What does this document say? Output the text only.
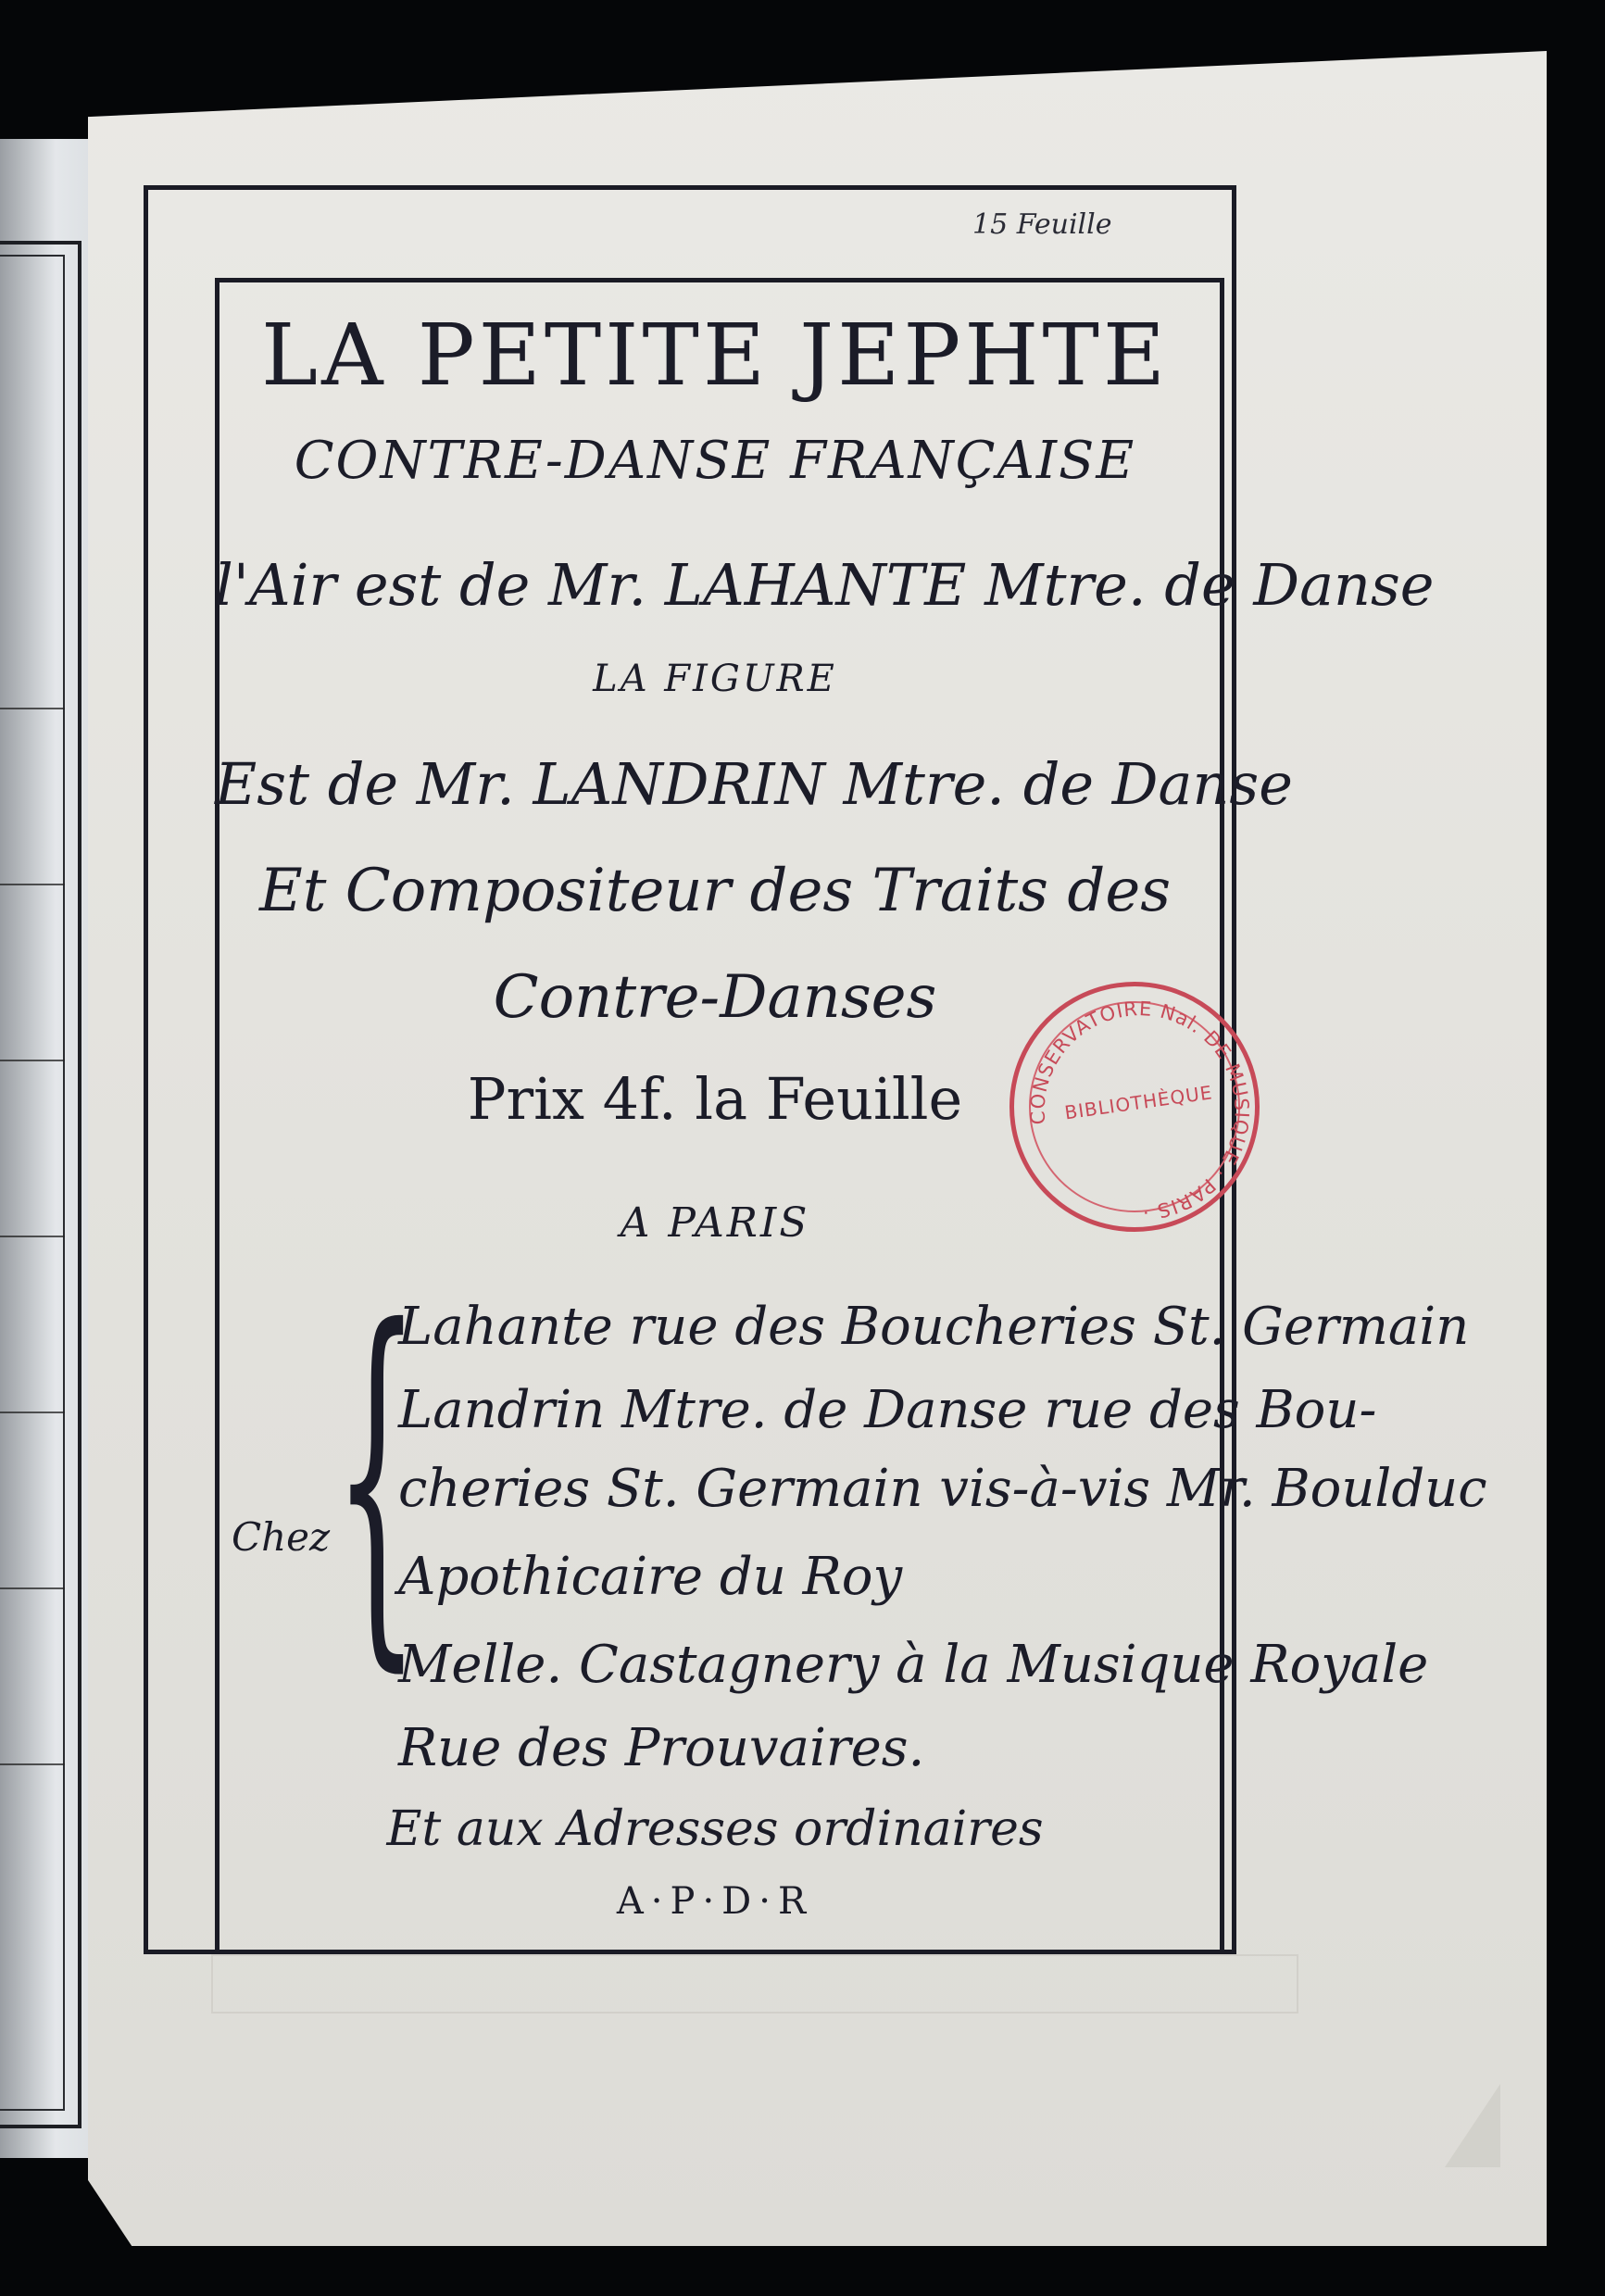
15 Feuille
LA PETITE JEPHTE
CONTRE-DANSE FRANÇAISE
l'Air est de Mr. LAHANTE Mtre. de Danse
LA FIGURE
Est de Mr. LANDRIN Mtre. de Danse
Et Compositeur des Traits des
Contre-Danses
Prix 4f. la Feuille
A PARIS
Chez {
Lahante rue des Boucheries St. Germain
Landrin Mtre. de Danse rue des Bou-
cheries St. Germain vis-à-vis Mr. Boulduc
Apothicaire du Roy
Melle. Castagnery à la Musique Royale
Rue des Prouvaires.
Et aux Adresses ordinaires
A·P·D·R
CONSERVATOIRE Nal. DE MUSIQUE · PARIS ·
BIBLIOTHÈQUE
